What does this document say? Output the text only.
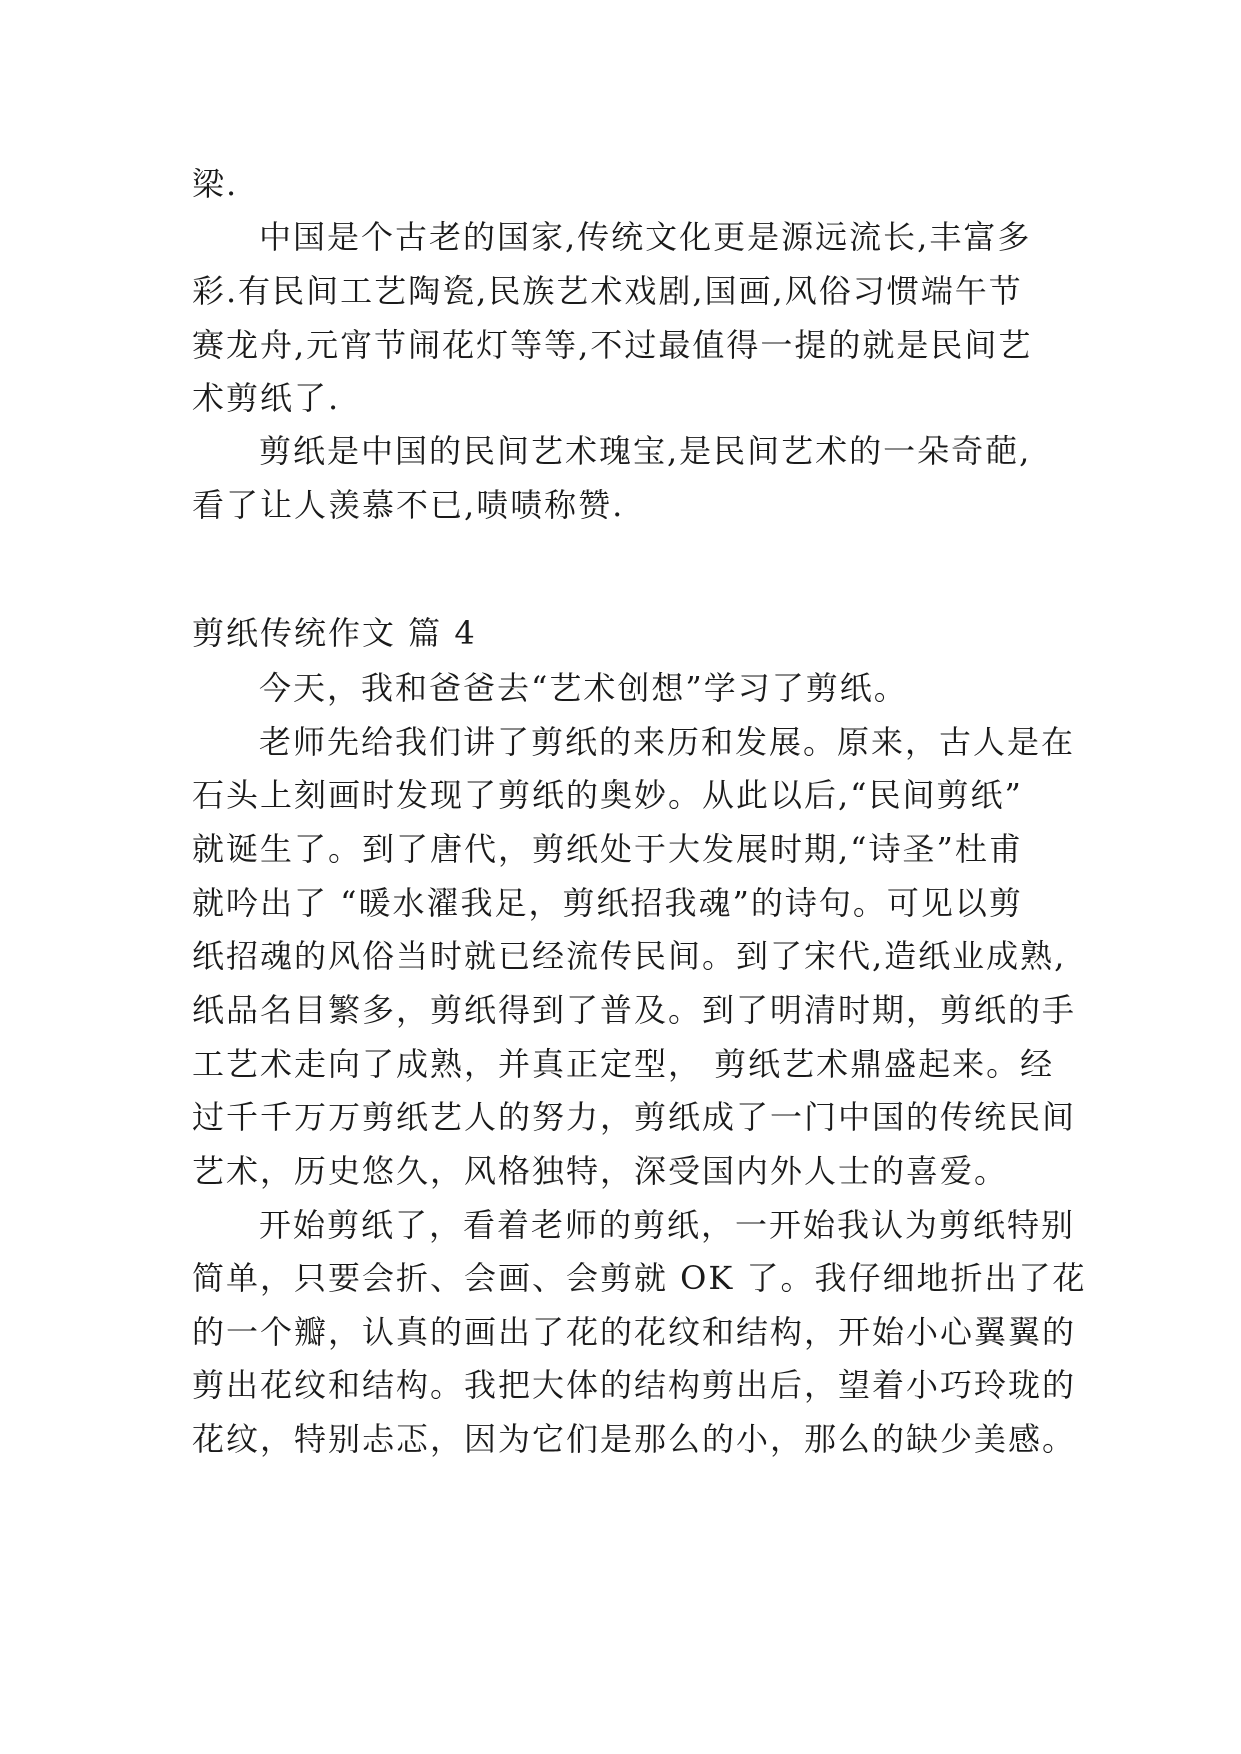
梁.
中国是个古老的国家,传统文化更是源远流长,丰富多
彩.有民间工艺陶瓷,民族艺术戏剧,国画,风俗习惯端午节
赛龙舟,元宵节闹花灯等等,不过最值得一提的就是民间艺
术剪纸了.
剪纸是中国的民间艺术瑰宝,是民间艺术的一朵奇葩,
看了让人羡慕不已,啧啧称赞.
剪纸传统作文 篇 4
今天，我和爸爸去“艺术创想”学习了剪纸。
老师先给我们讲了剪纸的来历和发展。原来，古人是在
石头上刻画时发现了剪纸的奥妙。从此以后,“民间剪纸”
就诞生了。到了唐代，剪纸处于大发展时期,“诗圣”杜甫
就吟出了 “暖水濯我足，剪纸招我魂”的诗句。可见以剪
纸招魂的风俗当时就已经流传民间。到了宋代,造纸业成熟,
纸品名目繁多，剪纸得到了普及。到了明清时期，剪纸的手
工艺术走向了成熟，并真正定型， 剪纸艺术鼎盛起来。经
过千千万万剪纸艺人的努力，剪纸成了一门中国的传统民间
艺术，历史悠久，风格独特，深受国内外人士的喜爱。
开始剪纸了，看着老师的剪纸，一开始我认为剪纸特别
简单，只要会折、会画、会剪就 OK 了。我仔细地折出了花
的一个瓣，认真的画出了花的花纹和结构，开始小心翼翼的
剪出花纹和结构。我把大体的结构剪出后，望着小巧玲珑的
花纹，特别忐忑，因为它们是那么的小，那么的缺少美感。
